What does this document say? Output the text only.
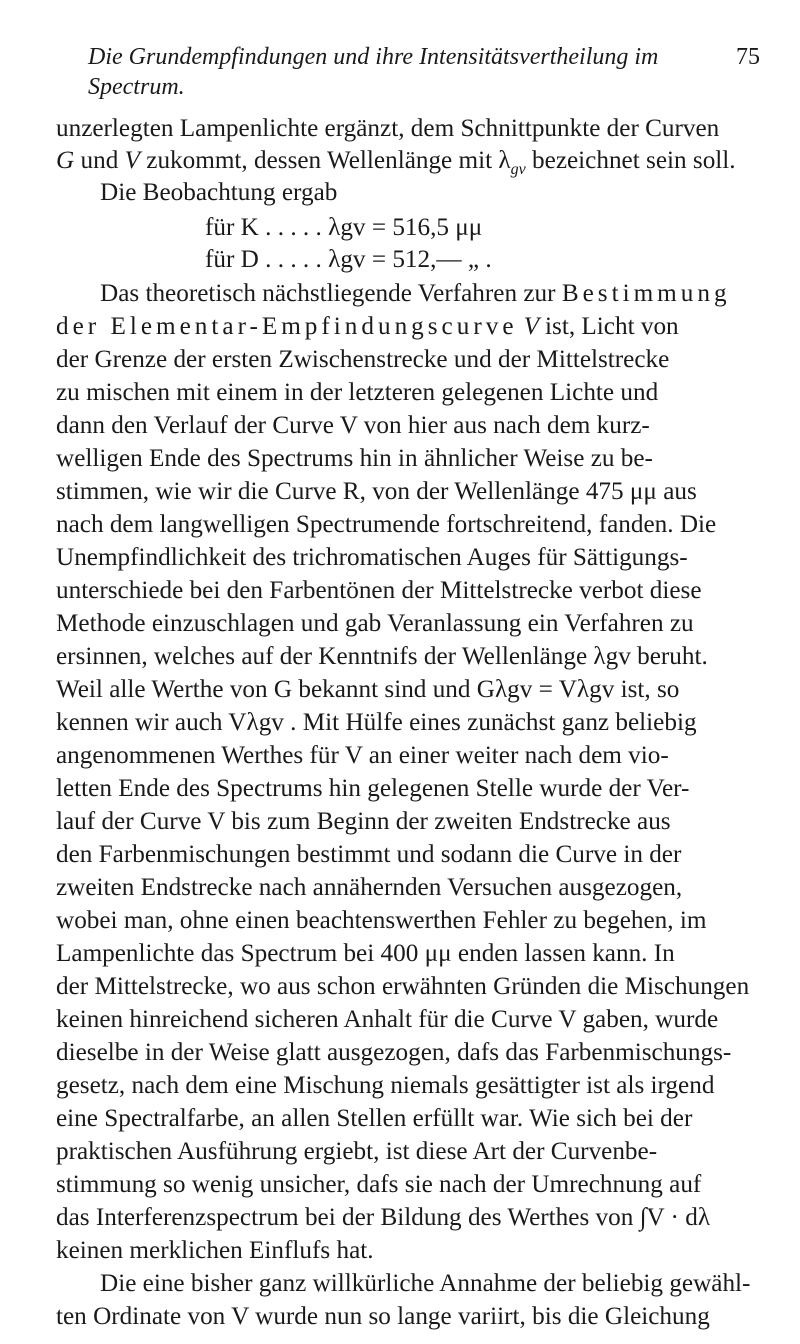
Die Grundempfindungen und ihre Intensitätsvertheilung im Spectrum.
75
unzerlegten Lampenlichte ergänzt, dem Schnittpunkte der Curven
G und V zukommt, dessen Wellenlänge mit $\lambda_{gv}$ bezeichnet sein soll.
Die Beobachtung ergab
für K . . . . . λgv = 516,5 μμ
für D . . . . . λgv = 512,— „ .
Das theoretisch nächstliegende Verfahren zur Bestimmung
der Elementar-Empfindungscurve V ist, Licht von
der Grenze der ersten Zwischenstrecke und der Mittelstrecke
zu mischen mit einem in der letzteren gelegenen Lichte und
dann den Verlauf der Curve V von hier aus nach dem kurz-
welligen Ende des Spectrums hin in ähnlicher Weise zu be-
stimmen, wie wir die Curve R, von der Wellenlänge 475 μμ aus
nach dem langwelligen Spectrumende fortschreitend, fanden. Die
Unempfindlichkeit des trichromatischen Auges für Sättigungs-
unterschiede bei den Farbentönen der Mittelstrecke verbot diese
Methode einzuschlagen und gab Veranlassung ein Verfahren zu
ersinnen, welches auf der Kenntnifs der Wellenlänge λgv beruht.
Weil alle Werthe von G bekannt sind und Gλgv = Vλgv ist, so
kennen wir auch Vλgv . Mit Hülfe eines zunächst ganz beliebig
angenommenen Werthes für V an einer weiter nach dem vio-
letten Ende des Spectrums hin gelegenen Stelle wurde der Ver-
lauf der Curve V bis zum Beginn der zweiten Endstrecke aus
den Farbenmischungen bestimmt und sodann die Curve in der
zweiten Endstrecke nach annähernden Versuchen ausgezogen,
wobei man, ohne einen beachtenswerthen Fehler zu begehen, im
Lampenlichte das Spectrum bei 400 μμ enden lassen kann. In
der Mittelstrecke, wo aus schon erwähnten Gründen die Mischungen
keinen hinreichend sicheren Anhalt für die Curve V gaben, wurde
dieselbe in der Weise glatt ausgezogen, dafs das Farbenmischungs-
gesetz, nach dem eine Mischung niemals gesättigter ist als irgend
eine Spectralfarbe, an allen Stellen erfüllt war. Wie sich bei der
praktischen Ausführung ergiebt, ist diese Art der Curvenbe-
stimmung so wenig unsicher, dafs sie nach der Umrechnung auf
das Interferenzspectrum bei der Bildung des Werthes von ∫V · dλ
keinen merklichen Einflufs hat.
Die eine bisher ganz willkürliche Annahme der beliebig gewähl-
ten Ordinate von V wurde nun so lange variirt, bis die Gleichung
